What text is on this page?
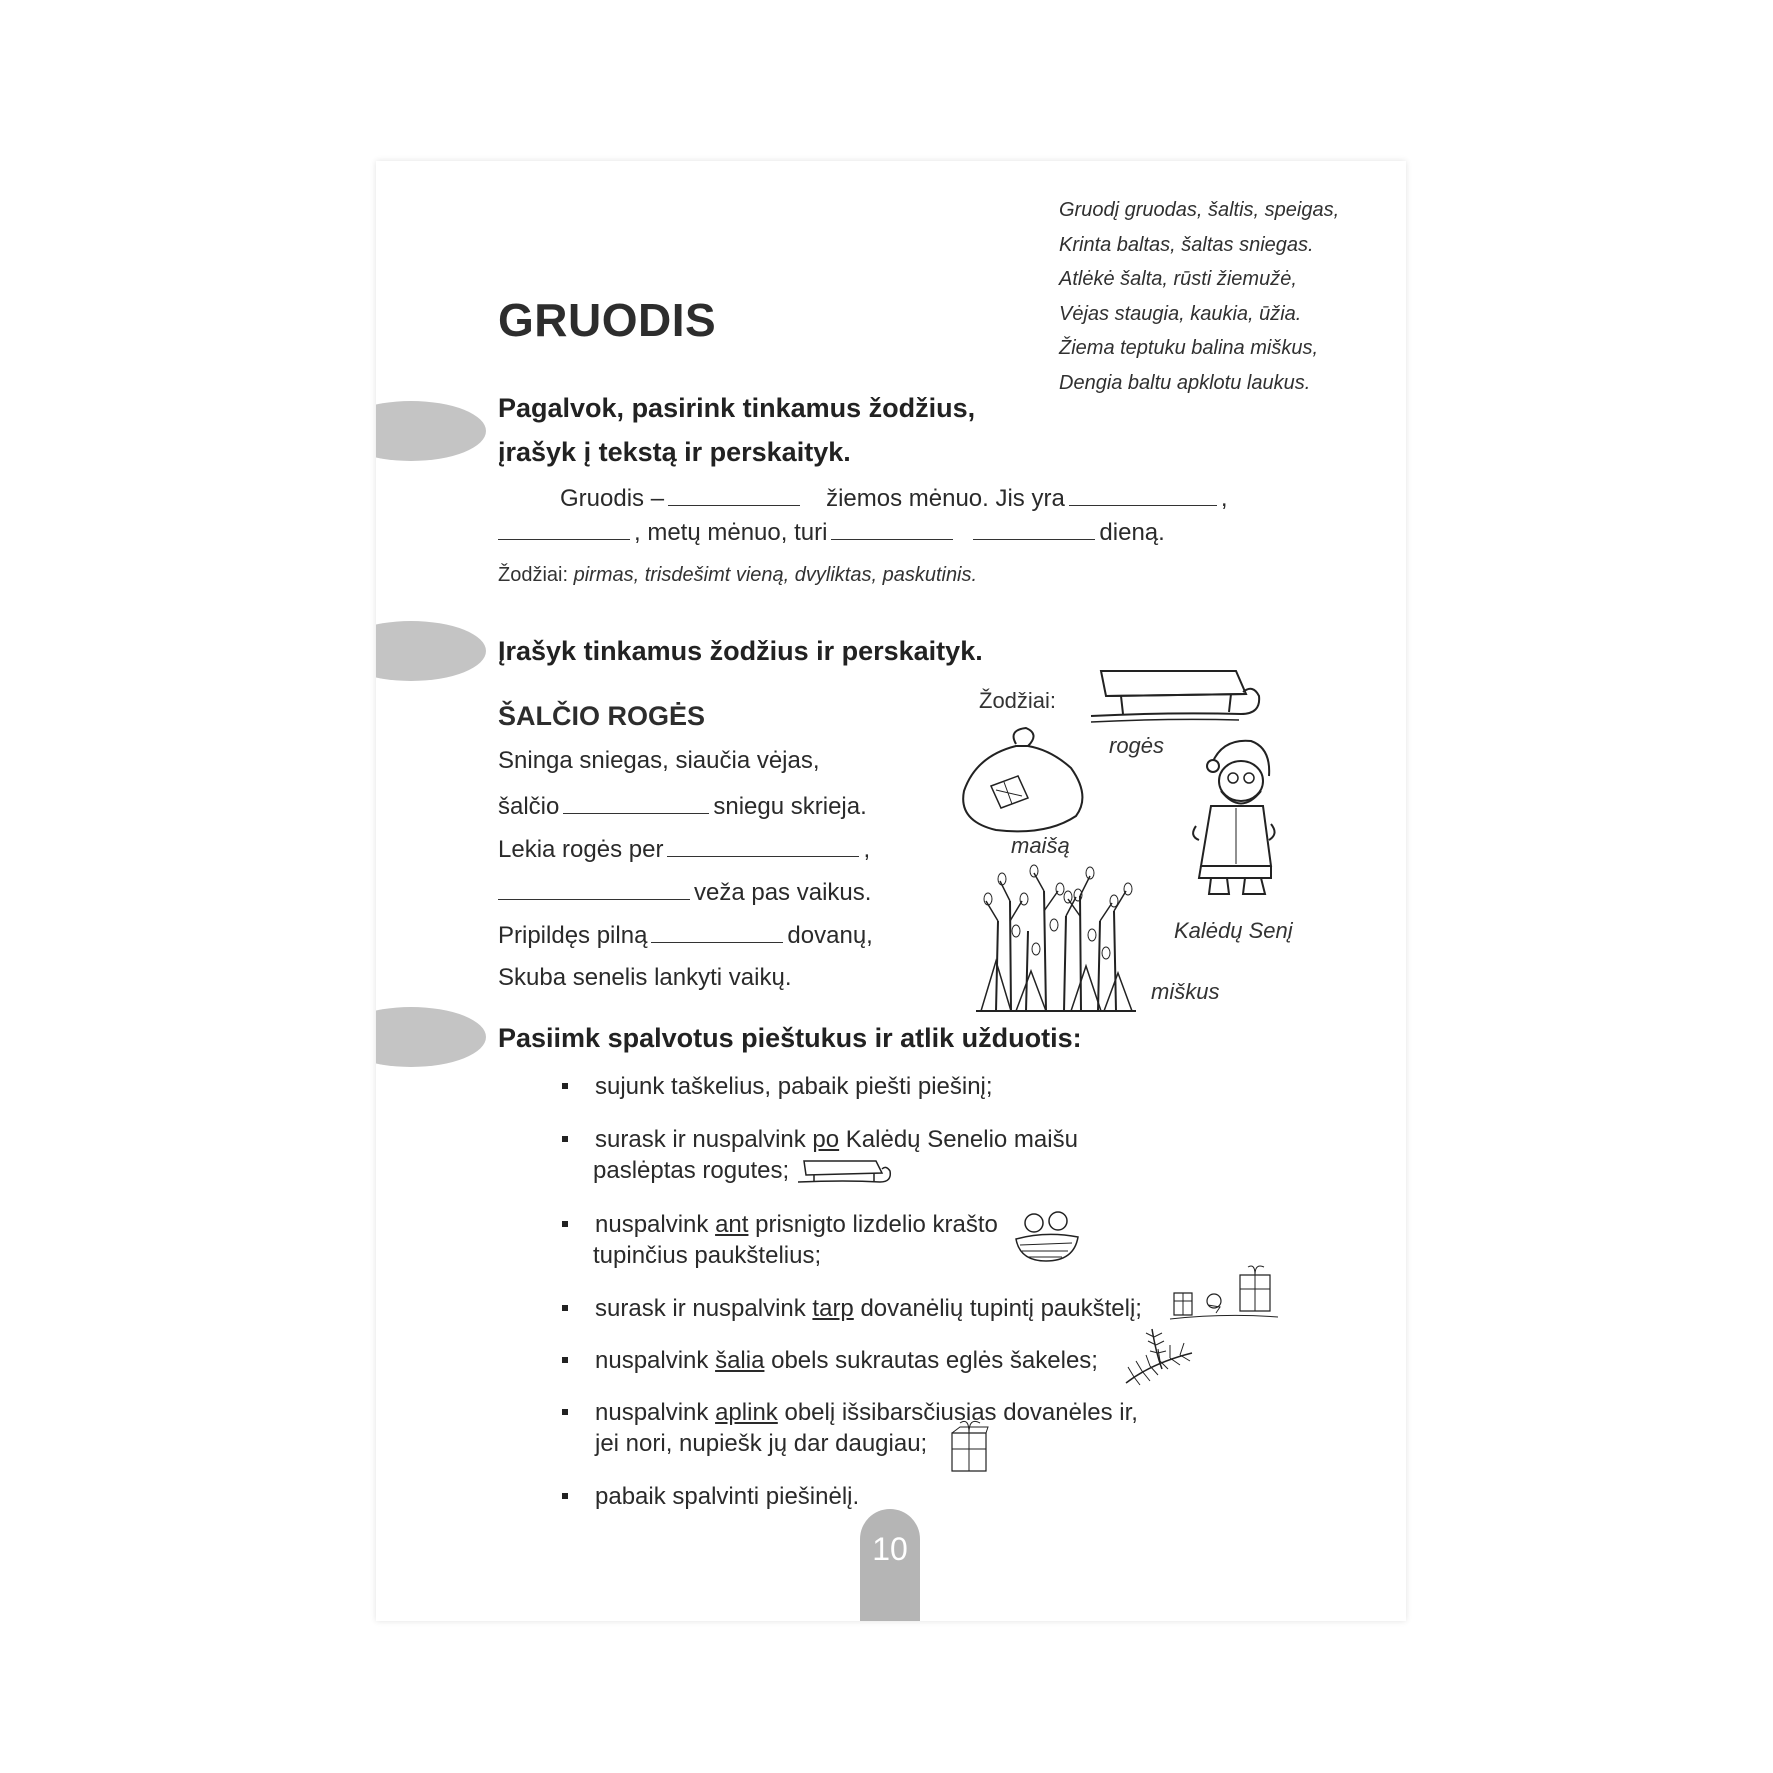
GRUODIS
Gruodį gruodas, šaltis, speigas,
Krinta baltas, šaltas sniegas.
Atlėkė šalta, rūsti žiemužė,
Vėjas staugia, kaukia, ūžia.
Žiema teptuku balina miškus,
Dengia baltu apklotu laukus.
Pagalvok, pasirink tinkamus žodžius,
įrašyk į tekstą ir perskaityk.
Gruodis –	žiemos mėnuo. Jis yra	,
, metų mėnuo, turi	dieną.
Žodžiai: pirmas, trisdešimt vieną, dvyliktas, paskutinis.
Įrašyk tinkamus žodžius ir perskaityk.
ŠALČIO ROGĖS
Sninga sniegas, siaučia vėjas,
šalčio	sniegu skrieja.
Lekia rogės per	,
veža pas vaikus.
Pripildęs pilną	dovanų,
Skuba senelis lankyti vaikų.
Žodžiai:
rogės
maišą
Kalėdų Senį
miškus
Pasiimk spalvotus pieštukus ir atlik užduotis:
sujunk taškelius, pabaik piešti piešinį;
surask ir nuspalvink po Kalėdų Senelio maišu
paslėptas rogutes;
nuspalvink ant prisnigto lizdelio krašto

tupinčius paukštelius;
surask ir nuspalvink tarp dovanėlių tupintį paukštelį;
nuspalvink šalia obels sukrautas eglės šakeles;
nuspalvink aplink obelį išsibarsčiusias dovanėles ir,
jei nori, nupiešk jų dar daugiau;
pabaik spalvinti piešinėlį.
10
